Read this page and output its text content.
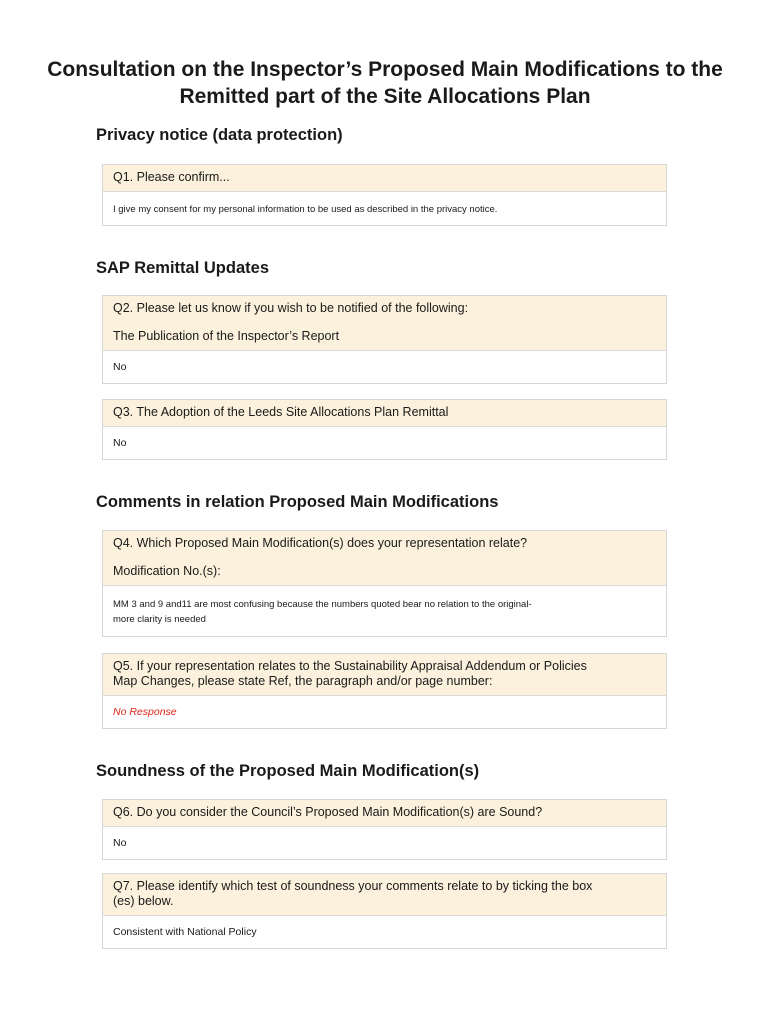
Consultation on the Inspector’s Proposed Main Modifications to the
Remitted part of the Site Allocations Plan
Privacy notice (data protection)
Q1. Please confirm...
I give my consent for my personal information to be used as described in the privacy notice.
SAP Remittal Updates
Q2. Please let us know if you wish to be notified of the following:
The Publication of the Inspector’s Report
No
Q3. The Adoption of the Leeds Site Allocations Plan Remittal
No
Comments in relation Proposed Main Modifications
Q4. Which Proposed Main Modification(s) does your representation relate?
Modification No.(s):
MM 3 and 9 and11 are most confusing because the numbers quoted bear no relation to the original-
more clarity is needed
Q5. If your representation relates to the Sustainability Appraisal Addendum or Policies
Map Changes, please state Ref, the paragraph and/or page number:
No Response
Soundness of the Proposed Main Modification(s)
Q6. Do you consider the Council’s Proposed Main Modification(s) are Sound?
No
Q7. Please identify which test of soundness your comments relate to by ticking the box
(es) below.
Consistent with National Policy
